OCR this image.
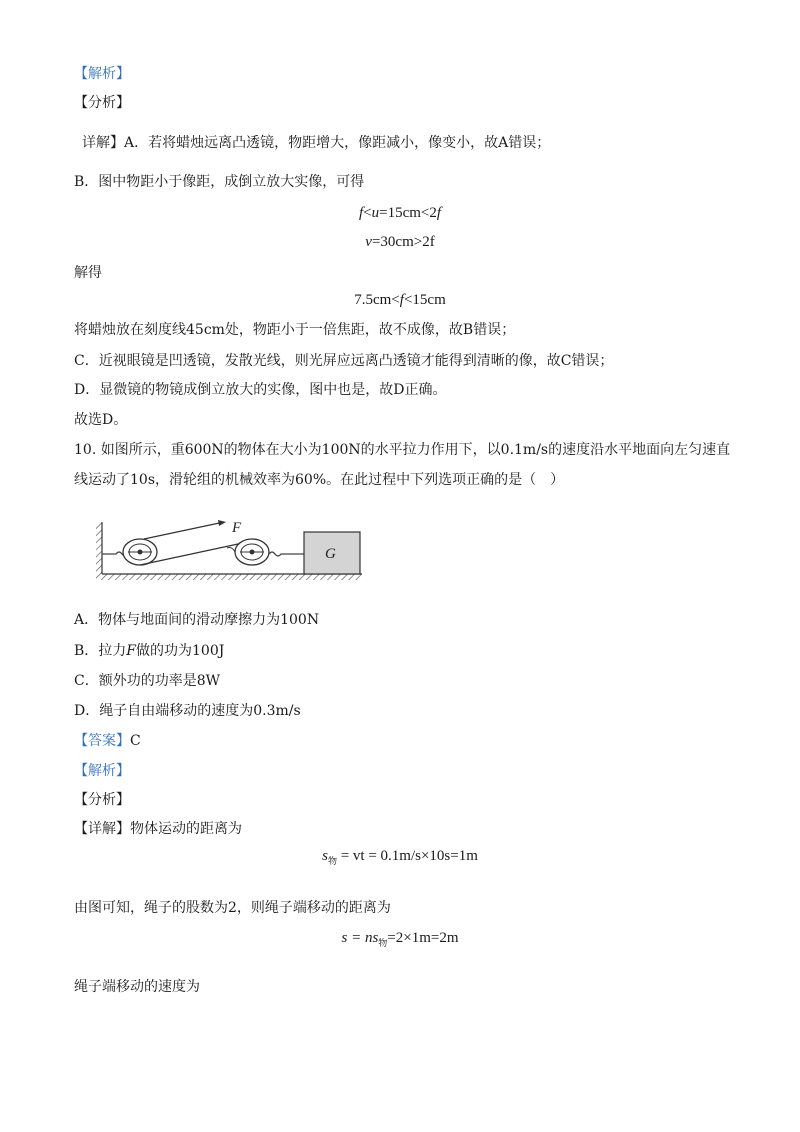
【解析】
【分析】
详解】A．若将蜡烛远离凸透镜，物距增大，像距减小，像变小，故A错误；
B．图中物距小于像距，成倒立放大实像，可得
f<u=15cm<2f
v=30cm>2f
解得
7.5cm<f<15cm
将蜡烛放在刻度线45cm处，物距小于一倍焦距，故不成像，故B错误；
C．近视眼镜是凹透镜，发散光线，则光屏应远离凸透镜才能得到清晰的像，故C错误；
D．显微镜的物镜成倒立放大的实像，图中也是，故D正确。
故选D。
10. 如图所示，重600N的物体在大小为100N的水平拉力作用下，以0.1m/s的速度沿水平地面向左匀速直
线运动了10s，滑轮组的机械效率为60%。在此过程中下列选项正确的是（　）
F
G
A．物体与地面间的滑动摩擦力为100N
B．拉力F做的功为100J
C．额外功的功率是8W
D．绳子自由端移动的速度为0.3m/s
【答案】C
【解析】
【分析】
【详解】物体运动的距离为
$s_物$ = vt = 0.1m/s×10s=1m
由图可知，绳子的股数为2，则绳子端移动的距离为
$s = ns_物=2\times 1m=2m$
绳子端移动的速度为
